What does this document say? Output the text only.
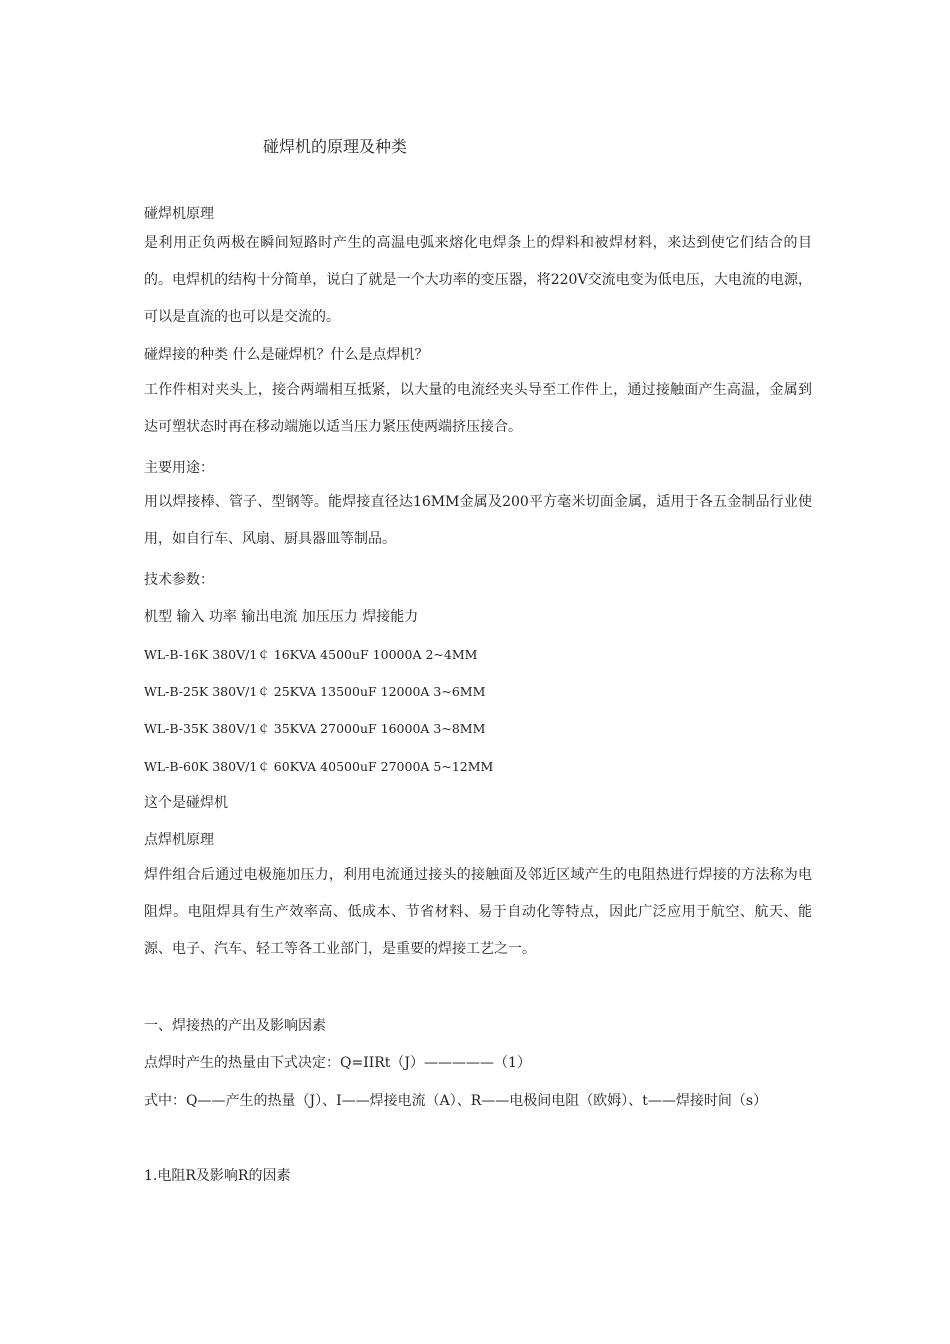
碰焊机的原理及种类
碰焊机原理
是利用正负两极在瞬间短路时产生的高温电弧来熔化电焊条上的焊料和被焊材料，来达到使它们结合的目的。电焊机的结构十分简单，说白了就是一个大功率的变压器，将220V交流电变为低电压，大电流的电源，可以是直流的也可以是交流的。
碰焊接的种类 什么是碰焊机？什么是点焊机？
工作件相对夹头上，接合两端相互抵紧，以大量的电流经夹头导至工作件上，通过接触面产生高温，金属到达可塑状态时再在移动端施以适当压力紧压使两端挤压接合。
主要用途：
用以焊接棒、管子、型钢等。能焊接直径达16MM金属及200平方毫米切面金属，适用于各五金制品行业使用，如自行车、风扇、厨具器皿等制品。
技术参数：
机型 输入 功率 输出电流 加压压力 焊接能力
WL-B-16K 380V/1￠ 16KVA 4500uF 10000A 2~4MM
WL-B-25K 380V/1￠ 25KVA 13500uF 12000A 3~6MM
WL-B-35K 380V/1￠ 35KVA 27000uF 16000A 3~8MM
WL-B-60K 380V/1￠ 60KVA 40500uF 27000A 5~12MM
这个是碰焊机
点焊机原理
焊件组合后通过电极施加压力，利用电流通过接头的接触面及邻近区域产生的电阻热进行焊接的方法称为电阻焊。电阻焊具有生产效率高、低成本、节省材料、易于自动化等特点，因此广泛应用于航空、航天、能源、电子、汽车、轻工等各工业部门，是重要的焊接工艺之一。
一、焊接热的产出及影响因素
点焊时产生的热量由下式决定：Q=IIRt（J）—————（1）
式中：Q——产生的热量（J）、I——焊接电流（A）、R——电极间电阻（欧姆）、t——焊接时间（s）
1.电阻R及影响R的因素
